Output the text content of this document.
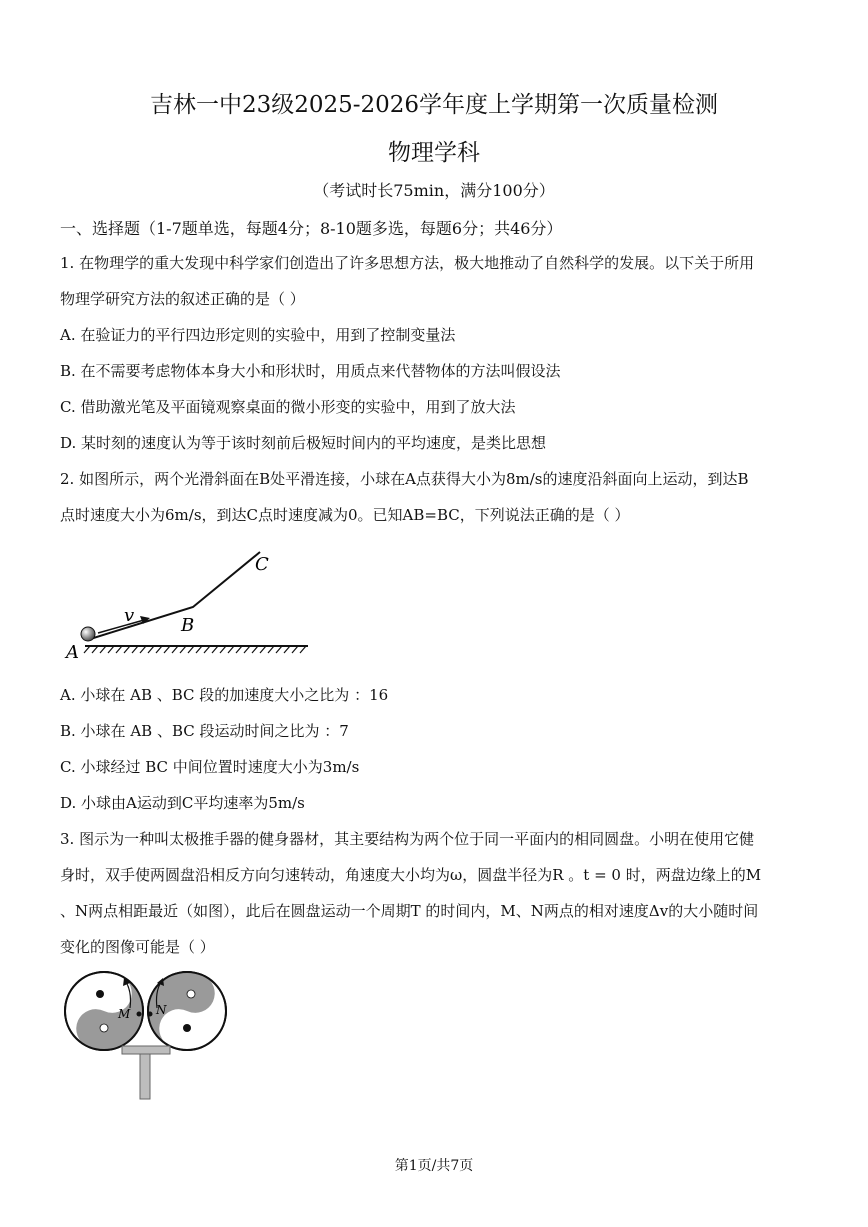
吉林一中23级2025-2026学年度上学期第一次质量检测
物理学科
（考试时长75min，满分100分）
一、选择题（1-7题单选，每题4分；8-10题多选，每题6分；共46分）
1. 在物理学的重大发现中科学家们创造出了许多思想方法，极大地推动了自然科学的发展。以下关于所用
物理学研究方法的叙述正确的是（ ）
A. 在验证力的平行四边形定则的实验中，用到了控制变量法
B. 在不需要考虑物体本身大小和形状时，用质点来代替物体的方法叫假设法
C. 借助激光笔及平面镜观察桌面的微小形变的实验中，用到了放大法
D. 某时刻的速度认为等于该时刻前后极短时间内的平均速度，是类比思想
2. 如图所示，两个光滑斜面在B处平滑连接，小球在A点获得大小为8m/s的速度沿斜面向上运动，到达B
点时速度大小为6m/s，到达C点时速度减为0。已知AB=BC，下列说法正确的是（ ）
A
B
C
v
A. 小球在 AB 、BC 段的加速度大小之比为 ：16
B. 小球在 AB 、BC 段运动时间之比为 ：7
C. 小球经过 BC 中间位置时速度大小为3m/s
D. 小球由A运动到C平均速率为5m/s
3. 图示为一种叫太极推手器的健身器材，其主要结构为两个位于同一平面内的相同圆盘。小明在使用它健
身时，双手使两圆盘沿相反方向匀速转动，角速度大小均为ω，圆盘半径为R 。t = 0 时，两盘边缘上的M
、N两点相距最近（如图），此后在圆盘运动一个周期T 的时间内，M、N两点的相对速度Δv的大小随时间
变化的图像可能是（ ）
M N
第1页/共7页
